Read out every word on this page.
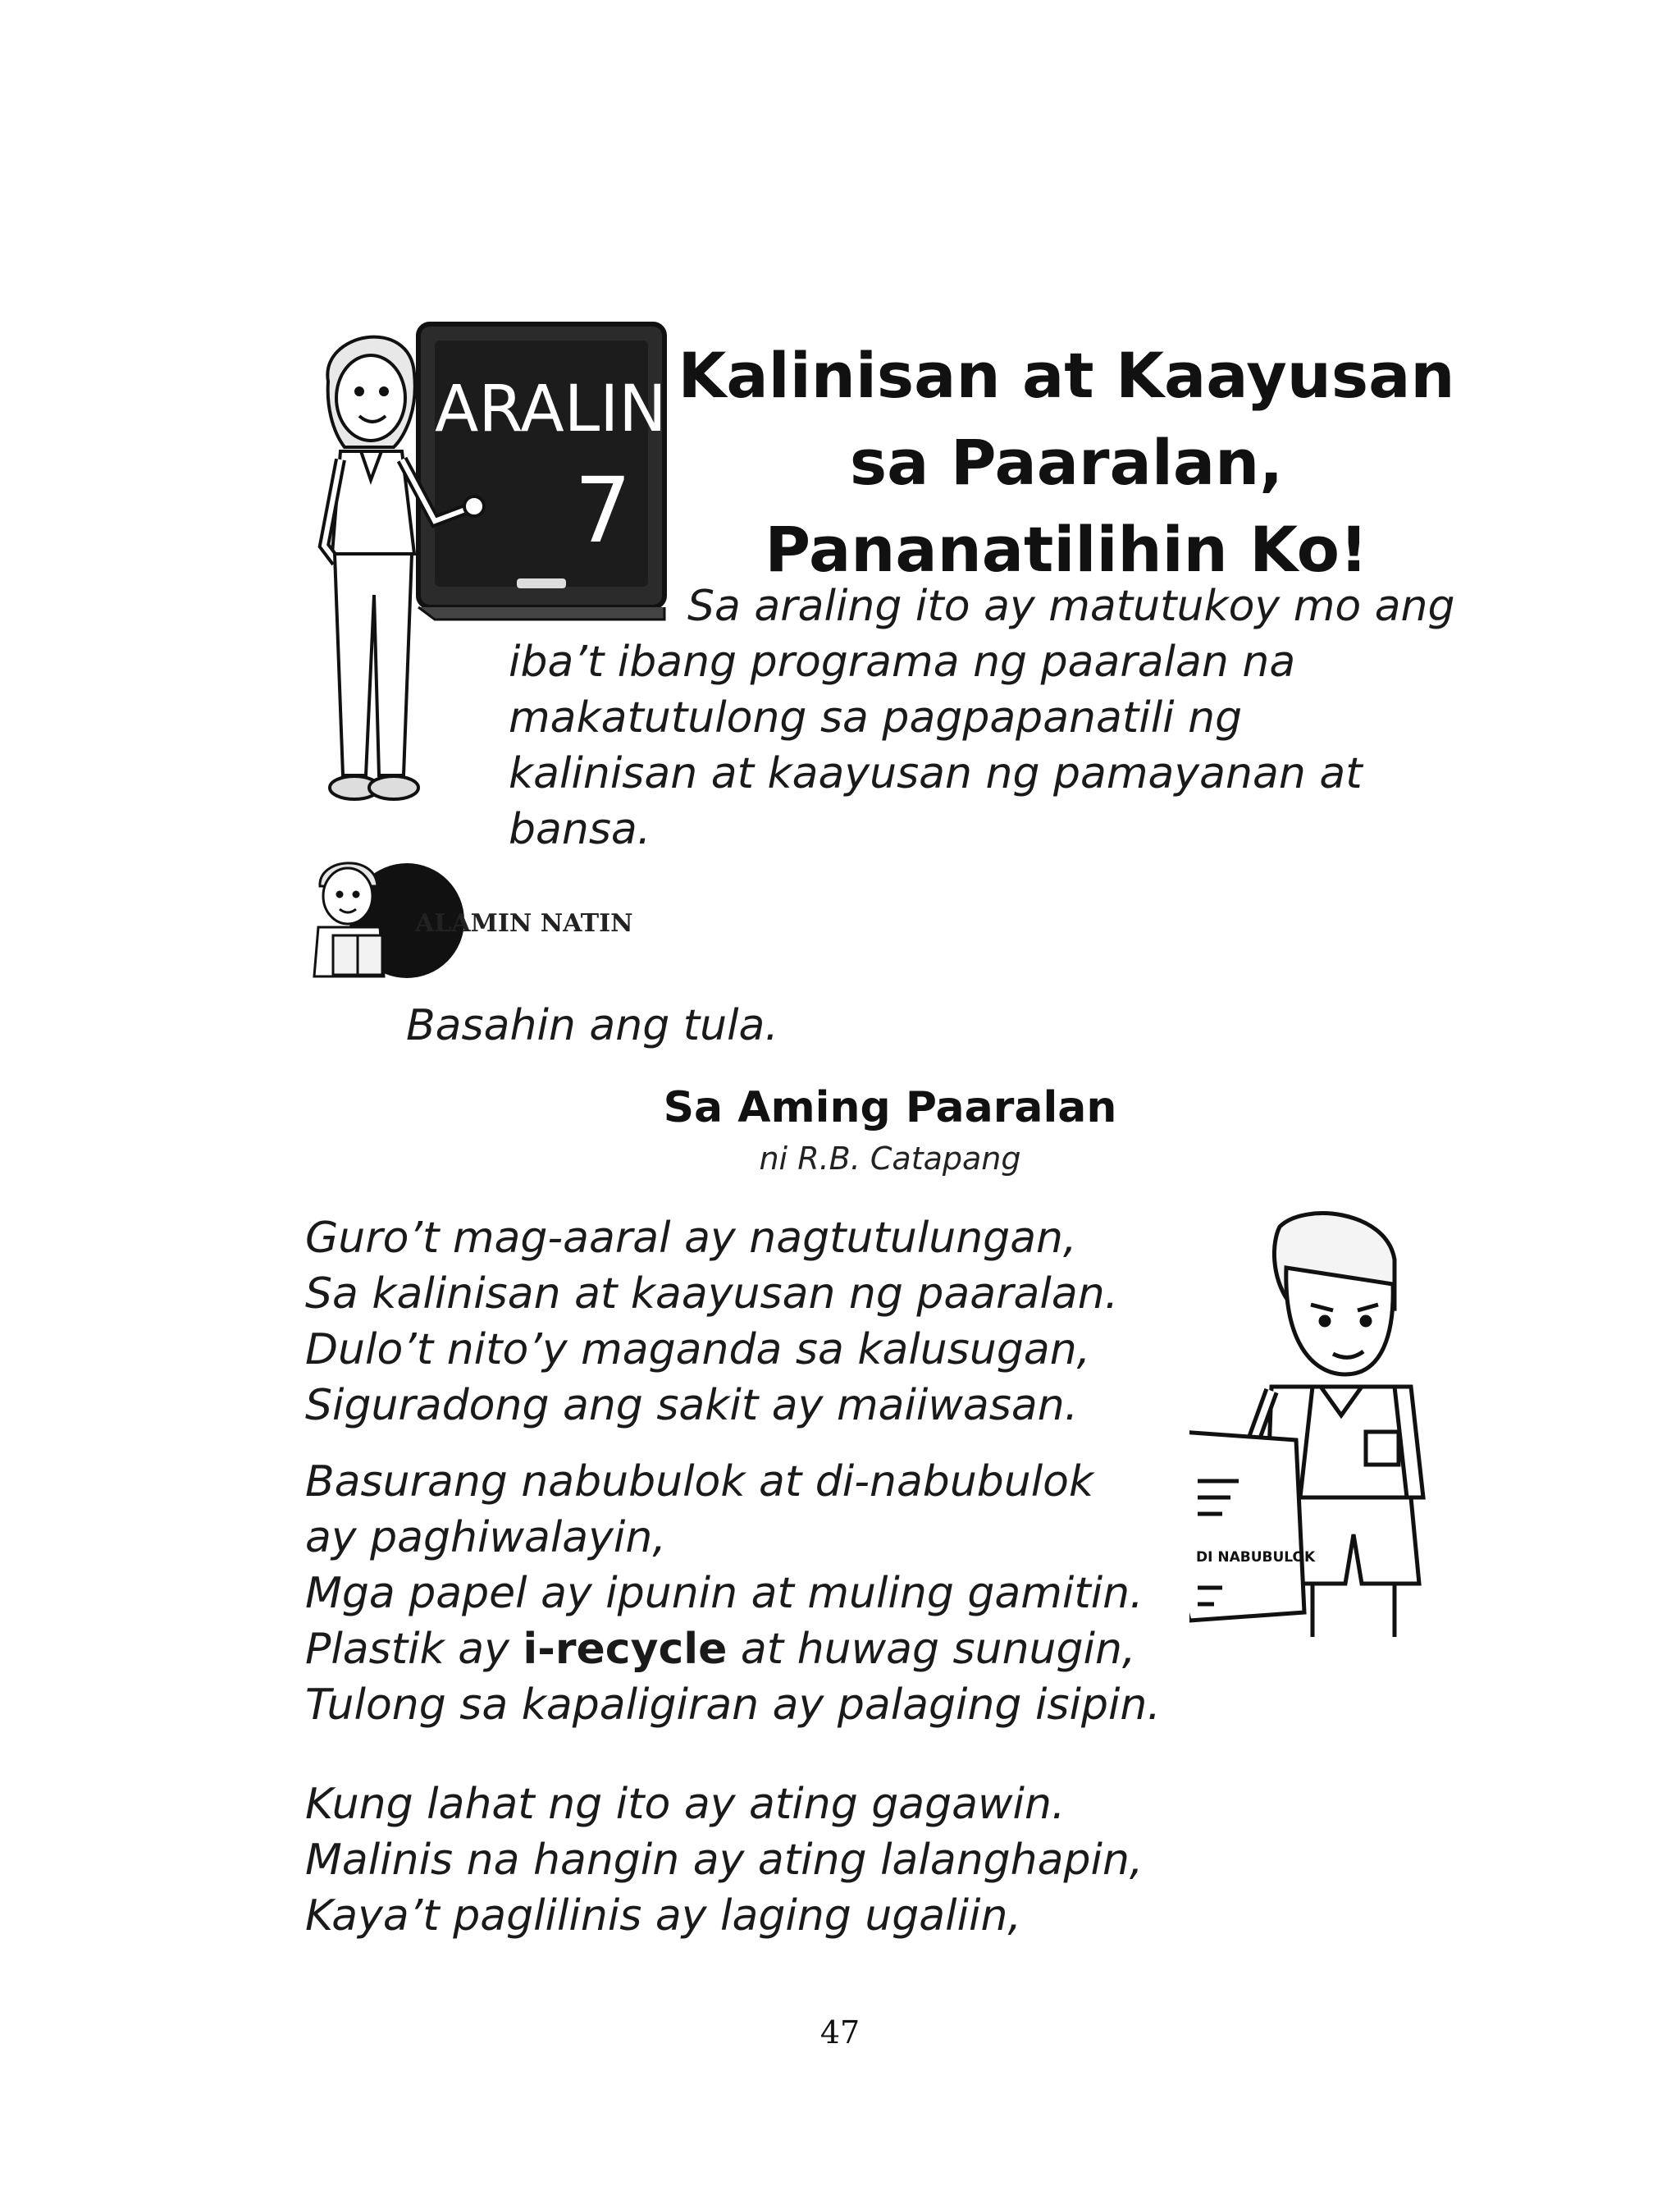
ARALIN
7
Kalinisan at Kaayusan
sa Paaralan,
Pananatilihin Ko!
Sa araling ito ay matutukoy mo ang
iba’t ibang programa ng paaralan na
makatutulong sa pagpapanatili ng
kalinisan at kaayusan ng pamayanan at
bansa.
ALAMIN NATIN
Basahin ang tula.
Sa Aming Paaralan
ni R.B. Catapang
Guro’t mag-aaral ay nagtutulungan,
Sa kalinisan at kaayusan ng paaralan.
Dulo’t nito’y maganda sa kalusugan,
Siguradong ang sakit ay maiiwasan.
Basurang nabubulok at di-nabubulok
ay paghiwalayin,
Mga papel ay ipunin at muling gamitin.
Plastik ay i-recycle at huwag sunugin,
Tulong sa kapaligiran ay palaging isipin.
Kung lahat ng ito ay ating gagawin.
Malinis na hangin ay ating lalanghapin,
Kaya’t paglilinis ay laging ugaliin,
DI NABUBULOK
47
